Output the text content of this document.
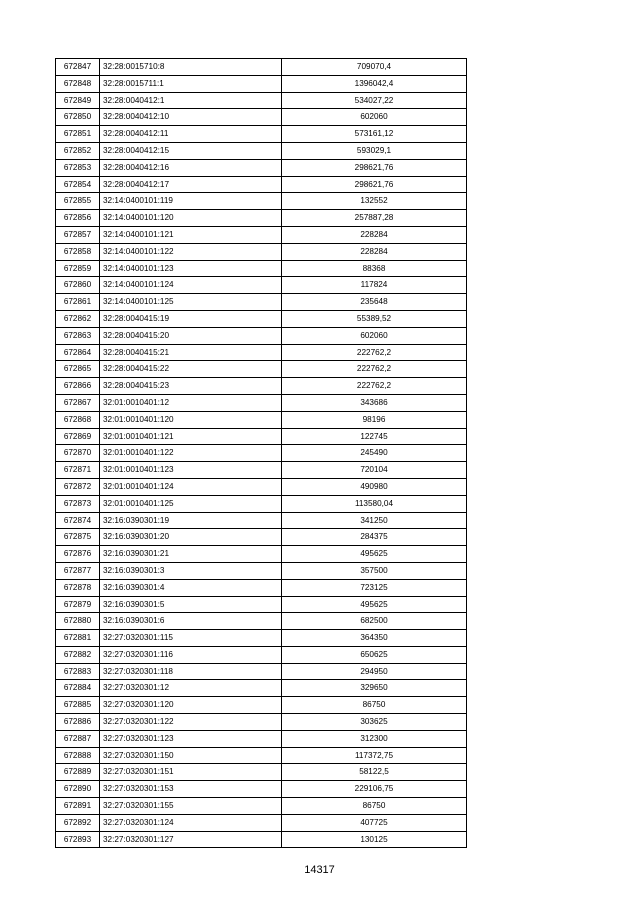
672847	32:28:0015710:8	709070,4
672848	32:28:0015711:1	1396042,4
672849	32:28:0040412:1	534027,22
672850	32:28:0040412:10	602060
672851	32:28:0040412:11	573161,12
672852	32:28:0040412:15	593029,1
672853	32:28:0040412:16	298621,76
672854	32:28:0040412:17	298621,76
672855	32:14:0400101:119	132552
672856	32:14:0400101:120	257887,28
672857	32:14:0400101:121	228284
672858	32:14:0400101:122	228284
672859	32:14:0400101:123	88368
672860	32:14:0400101:124	117824
672861	32:14:0400101:125	235648
672862	32:28:0040415:19	55389,52
672863	32:28:0040415:20	602060
672864	32:28:0040415:21	222762,2
672865	32:28:0040415:22	222762,2
672866	32:28:0040415:23	222762,2
672867	32:01:0010401:12	343686
672868	32:01:0010401:120	98196
672869	32:01:0010401:121	122745
672870	32:01:0010401:122	245490
672871	32:01:0010401:123	720104
672872	32:01:0010401:124	490980
672873	32:01:0010401:125	113580,04
672874	32:16:0390301:19	341250
672875	32:16:0390301:20	284375
672876	32:16:0390301:21	495625
672877	32:16:0390301:3	357500
672878	32:16:0390301:4	723125
672879	32:16:0390301:5	495625
672880	32:16:0390301:6	682500
672881	32:27:0320301:115	364350
672882	32:27:0320301:116	650625
672883	32:27:0320301:118	294950
672884	32:27:0320301:12	329650
672885	32:27:0320301:120	86750
672886	32:27:0320301:122	303625
672887	32:27:0320301:123	312300
672888	32:27:0320301:150	117372,75
672889	32:27:0320301:151	58122,5
672890	32:27:0320301:153	229106,75
672891	32:27:0320301:155	86750
672892	32:27:0320301:124	407725
672893	32:27:0320301:127	130125
14317
